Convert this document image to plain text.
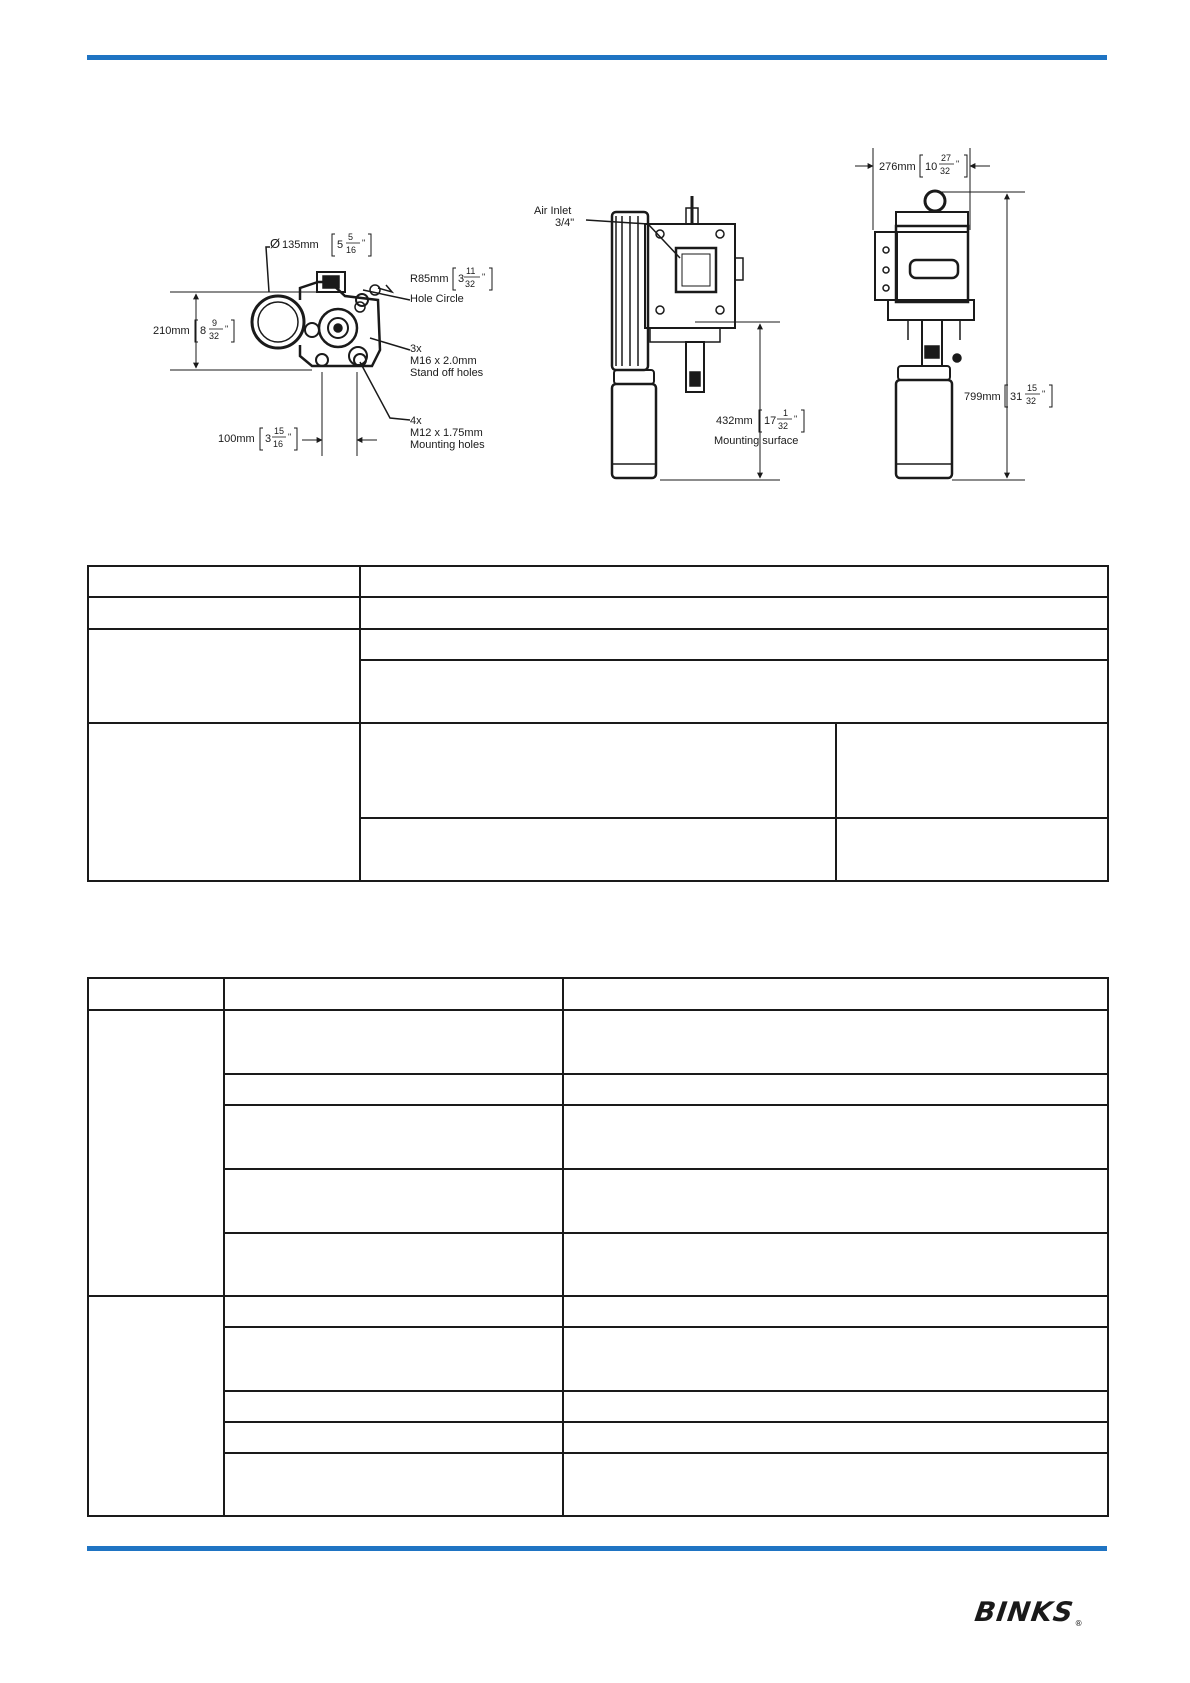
Ø 135mm 5
5
16
"
R85mm 3
11
32
"
Hole Circle
210mm 8
9
32
"
3x
M16 x 2.0mm
Stand off holes
4x
M12 x 1.75mm
Mounting holes
100mm 3
15
16
"
Air Inlet
3/4"
432mm 17
1
32
"
Mounting surface
276mm 10
27
32
"
799mm 31
15
32
"

BINKS®
